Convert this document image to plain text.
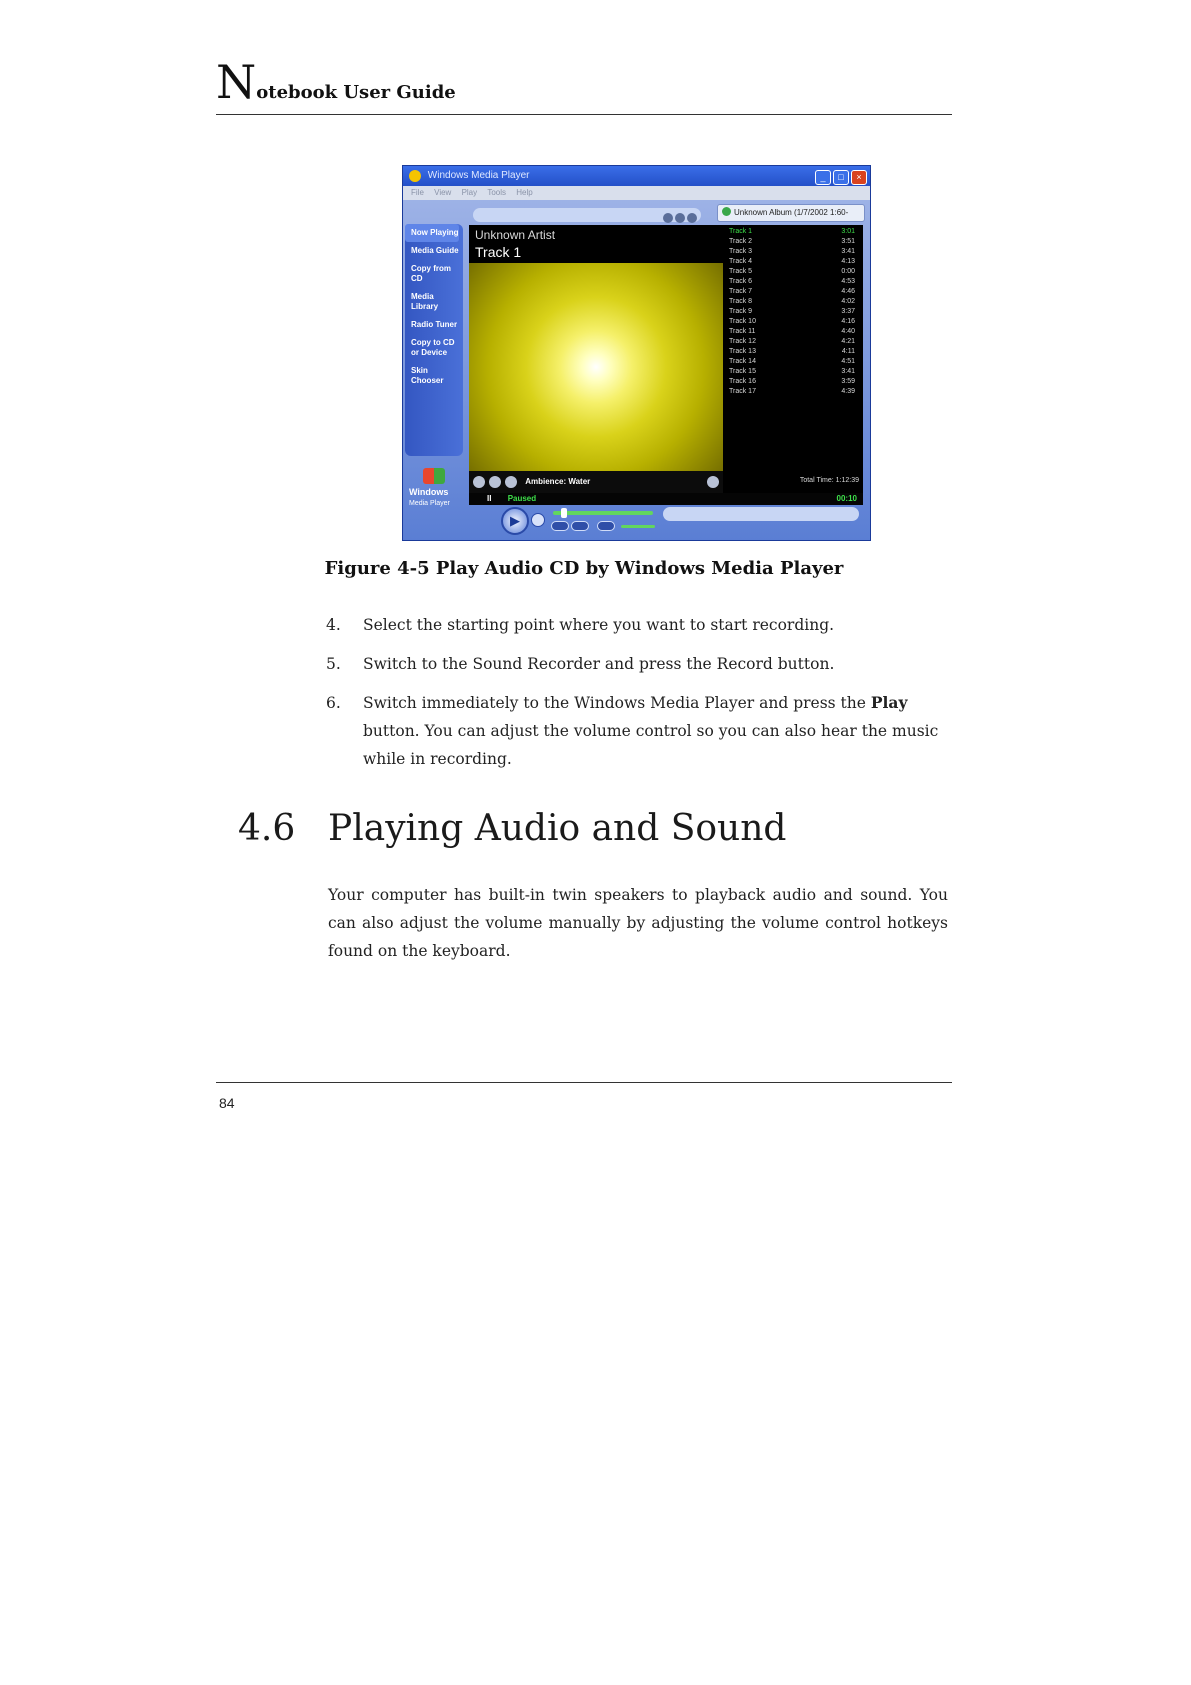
Notebook User Guide
Windows Media Player	_ □ ×
File View Play Tools Help
Unknown Album (1/7/2002 1:60-
Now Playing
Media Guide
Copy from CD
Media Library
Radio Tuner
Copy to CD or Device
Skin Chooser
Windows
Media Player
Unknown Artist
Track 1
Ambience: Water
Track 1	3:01
Track 2	3:51
Track 3	3:41
Track 4	4:13
Track 5	0:00
Track 6	4:53
Track 7	4:46
Track 8	4:02
Track 9	3:37
Track 10	4:16
Track 11	4:40
Track 12	4:21
Track 13	4:11
Track 14	4:51
Track 15	3:41
Track 16	3:59
Track 17	4:39
Total Time: 1:12:39
II Paused	00:10
▶
Figure 4-5 Play Audio CD by Windows Media Player
4. Select the starting point where you want to start recording.
5. Switch to the Sound Recorder and press the Record button.
6. Switch immediately to the Windows Media Player and press the Play button. You can adjust the volume control so you can also hear the music while in recording.
4.6 Playing Audio and Sound
Your computer has built-in twin speakers to playback audio and sound. You can also adjust the volume manually by adjusting the volume control hotkeys found on the keyboard.
84
